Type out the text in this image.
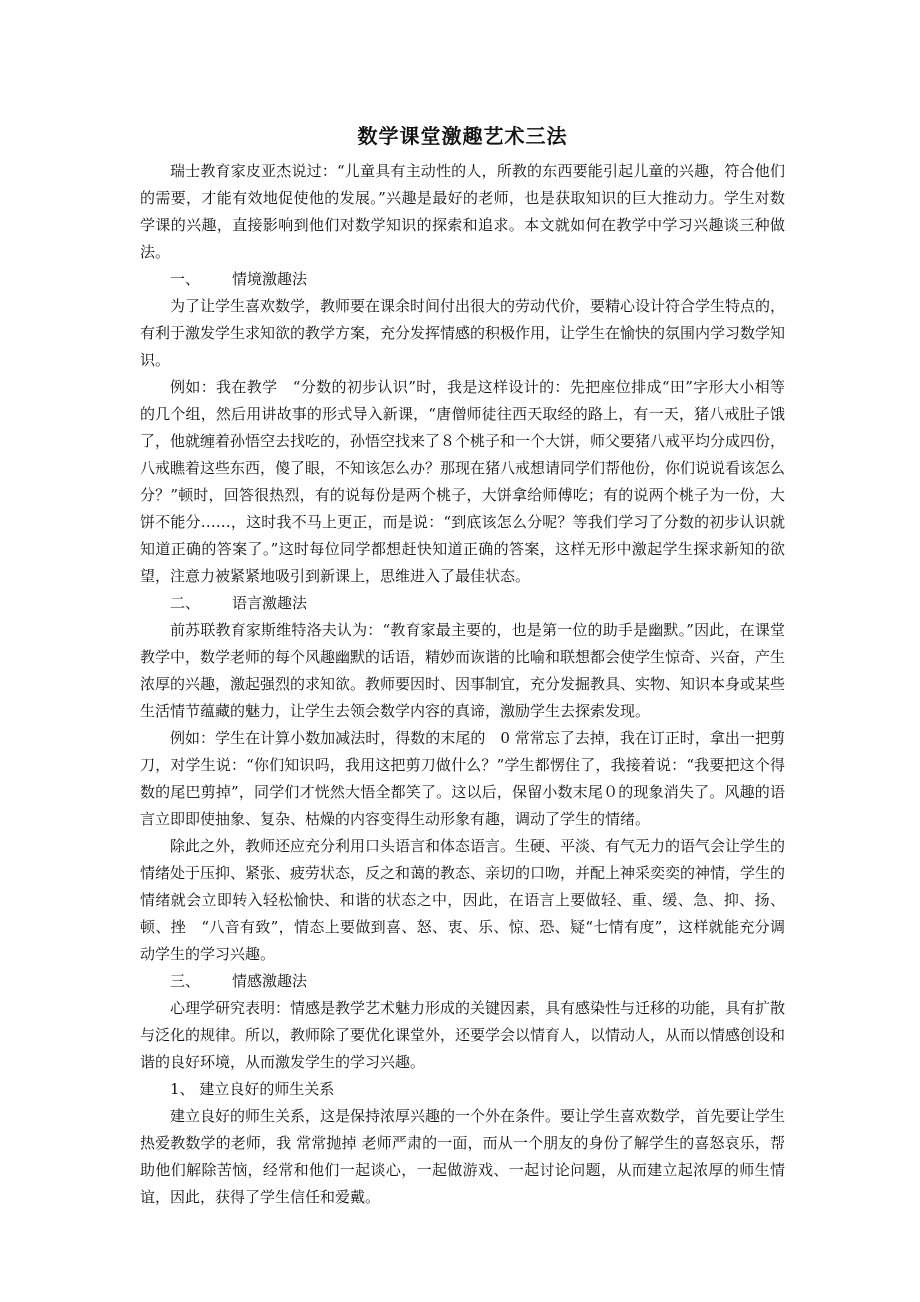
数学课堂激趣艺术三法

瑞士教育家皮亚杰说过：“儿童具有主动性的人，所教的东西要能引起儿童的兴趣，符合他们的需要，才能有效地促使他的发展。”兴趣是最好的老师，也是获取知识的巨大推动力。学生对数学课的兴趣，直接影响到他们对数学知识的探索和追求。本文就如何在教学中学习兴趣谈三种做法。

一、 情境激趣法

为了让学生喜欢数学，教师要在课余时间付出很大的劳动代价，要精心设计符合学生特点的，有利于激发学生求知欲的教学方案，充分发挥情感的积极作用，让学生在愉快的氛围内学习数学知识。

例如：我在教学　“分数的初步认识”时，我是这样设计的：先把座位排成“田”字形大小相等的几个组，然后用讲故事的形式导入新课，“唐僧师徒往西天取经的路上，有一天，猪八戒肚子饿了，他就缠着孙悟空去找吃的，孙悟空找来了８个桃子和一个大饼，师父要猪八戒平均分成四份，八戒瞧着这些东西，傻了眼，不知该怎么办？那现在猪八戒想请同学们帮他份，你们说说看该怎么分？”顿时，回答很热烈，有的说每份是两个桃子，大饼拿给师傅吃；有的说两个桃子为一份，大饼不能分……，这时我不马上更正，而是说：“到底该怎么分呢？等我们学习了分数的初步认识就知道正确的答案了。”这时每位同学都想赶快知道正确的答案，这样无形中激起学生探求新知的欲望，注意力被紧紧地吸引到新课上，思维进入了最佳状态。

二、 语言激趣法

前苏联教育家斯维特洛夫认为：“教育家最主要的，也是第一位的助手是幽默。”因此，在课堂教学中，数学老师的每个风趣幽默的话语，精妙而诙谐的比喻和联想都会使学生惊奇、兴奋，产生浓厚的兴趣，激起强烈的求知欲。教师要因时、因事制宜，充分发掘教具、实物、知识本身或某些生活情节蕴藏的魅力，让学生去领会数学内容的真谛，激励学生去探索发现。

例如：学生在计算小数加减法时，得数的末尾的　0 常常忘了去掉，我在订正时，拿出一把剪刀，对学生说：“你们知识吗，我用这把剪刀做什么？”学生都愣住了，我接着说：“我要把这个得数的尾巴剪掉”，同学们才恍然大悟全都笑了。这以后，保留小数末尾０的现象消失了。风趣的语言立即即使抽象、复杂、枯燥的内容变得生动形象有趣，调动了学生的情绪。

除此之外，教师还应充分利用口头语言和体态语言。生硬、平淡、有气无力的语气会让学生的情绪处于压抑、紧张、疲劳状态，反之和蔼的教态、亲切的口吻，并配上神采奕奕的神情，学生的情绪就会立即转入轻松愉快、和谐的状态之中，因此，在语言上要做轻、重、缓、急、抑、扬、顿、挫　“八音有致”，情态上要做到喜、怒、衷、乐、惊、恐、疑“七情有度”，这样就能充分调动学生的学习兴趣。

三、 情感激趣法

心理学研究表明：情感是教学艺术魅力形成的关键因素，具有感染性与迁移的功能，具有扩散与泛化的规律。所以，教师除了要优化课堂外，还要学会以情育人，以情动人，从而以情感创设和谐的良好环境，从而激发学生的学习兴趣。

1、 建立良好的师生关系

建立良好的师生关系，这是保持浓厚兴趣的一个外在条件。要让学生喜欢数学，首先要让学生热爱教数学的老师，我 常常抛掉 老师严肃的一面，而从一个朋友的身份了解学生的喜怒哀乐，帮助他们解除苦恼，经常和他们一起谈心，一起做游戏、一起讨论问题，从而建立起浓厚的师生情谊，因此，获得了学生信任和爱戴。
